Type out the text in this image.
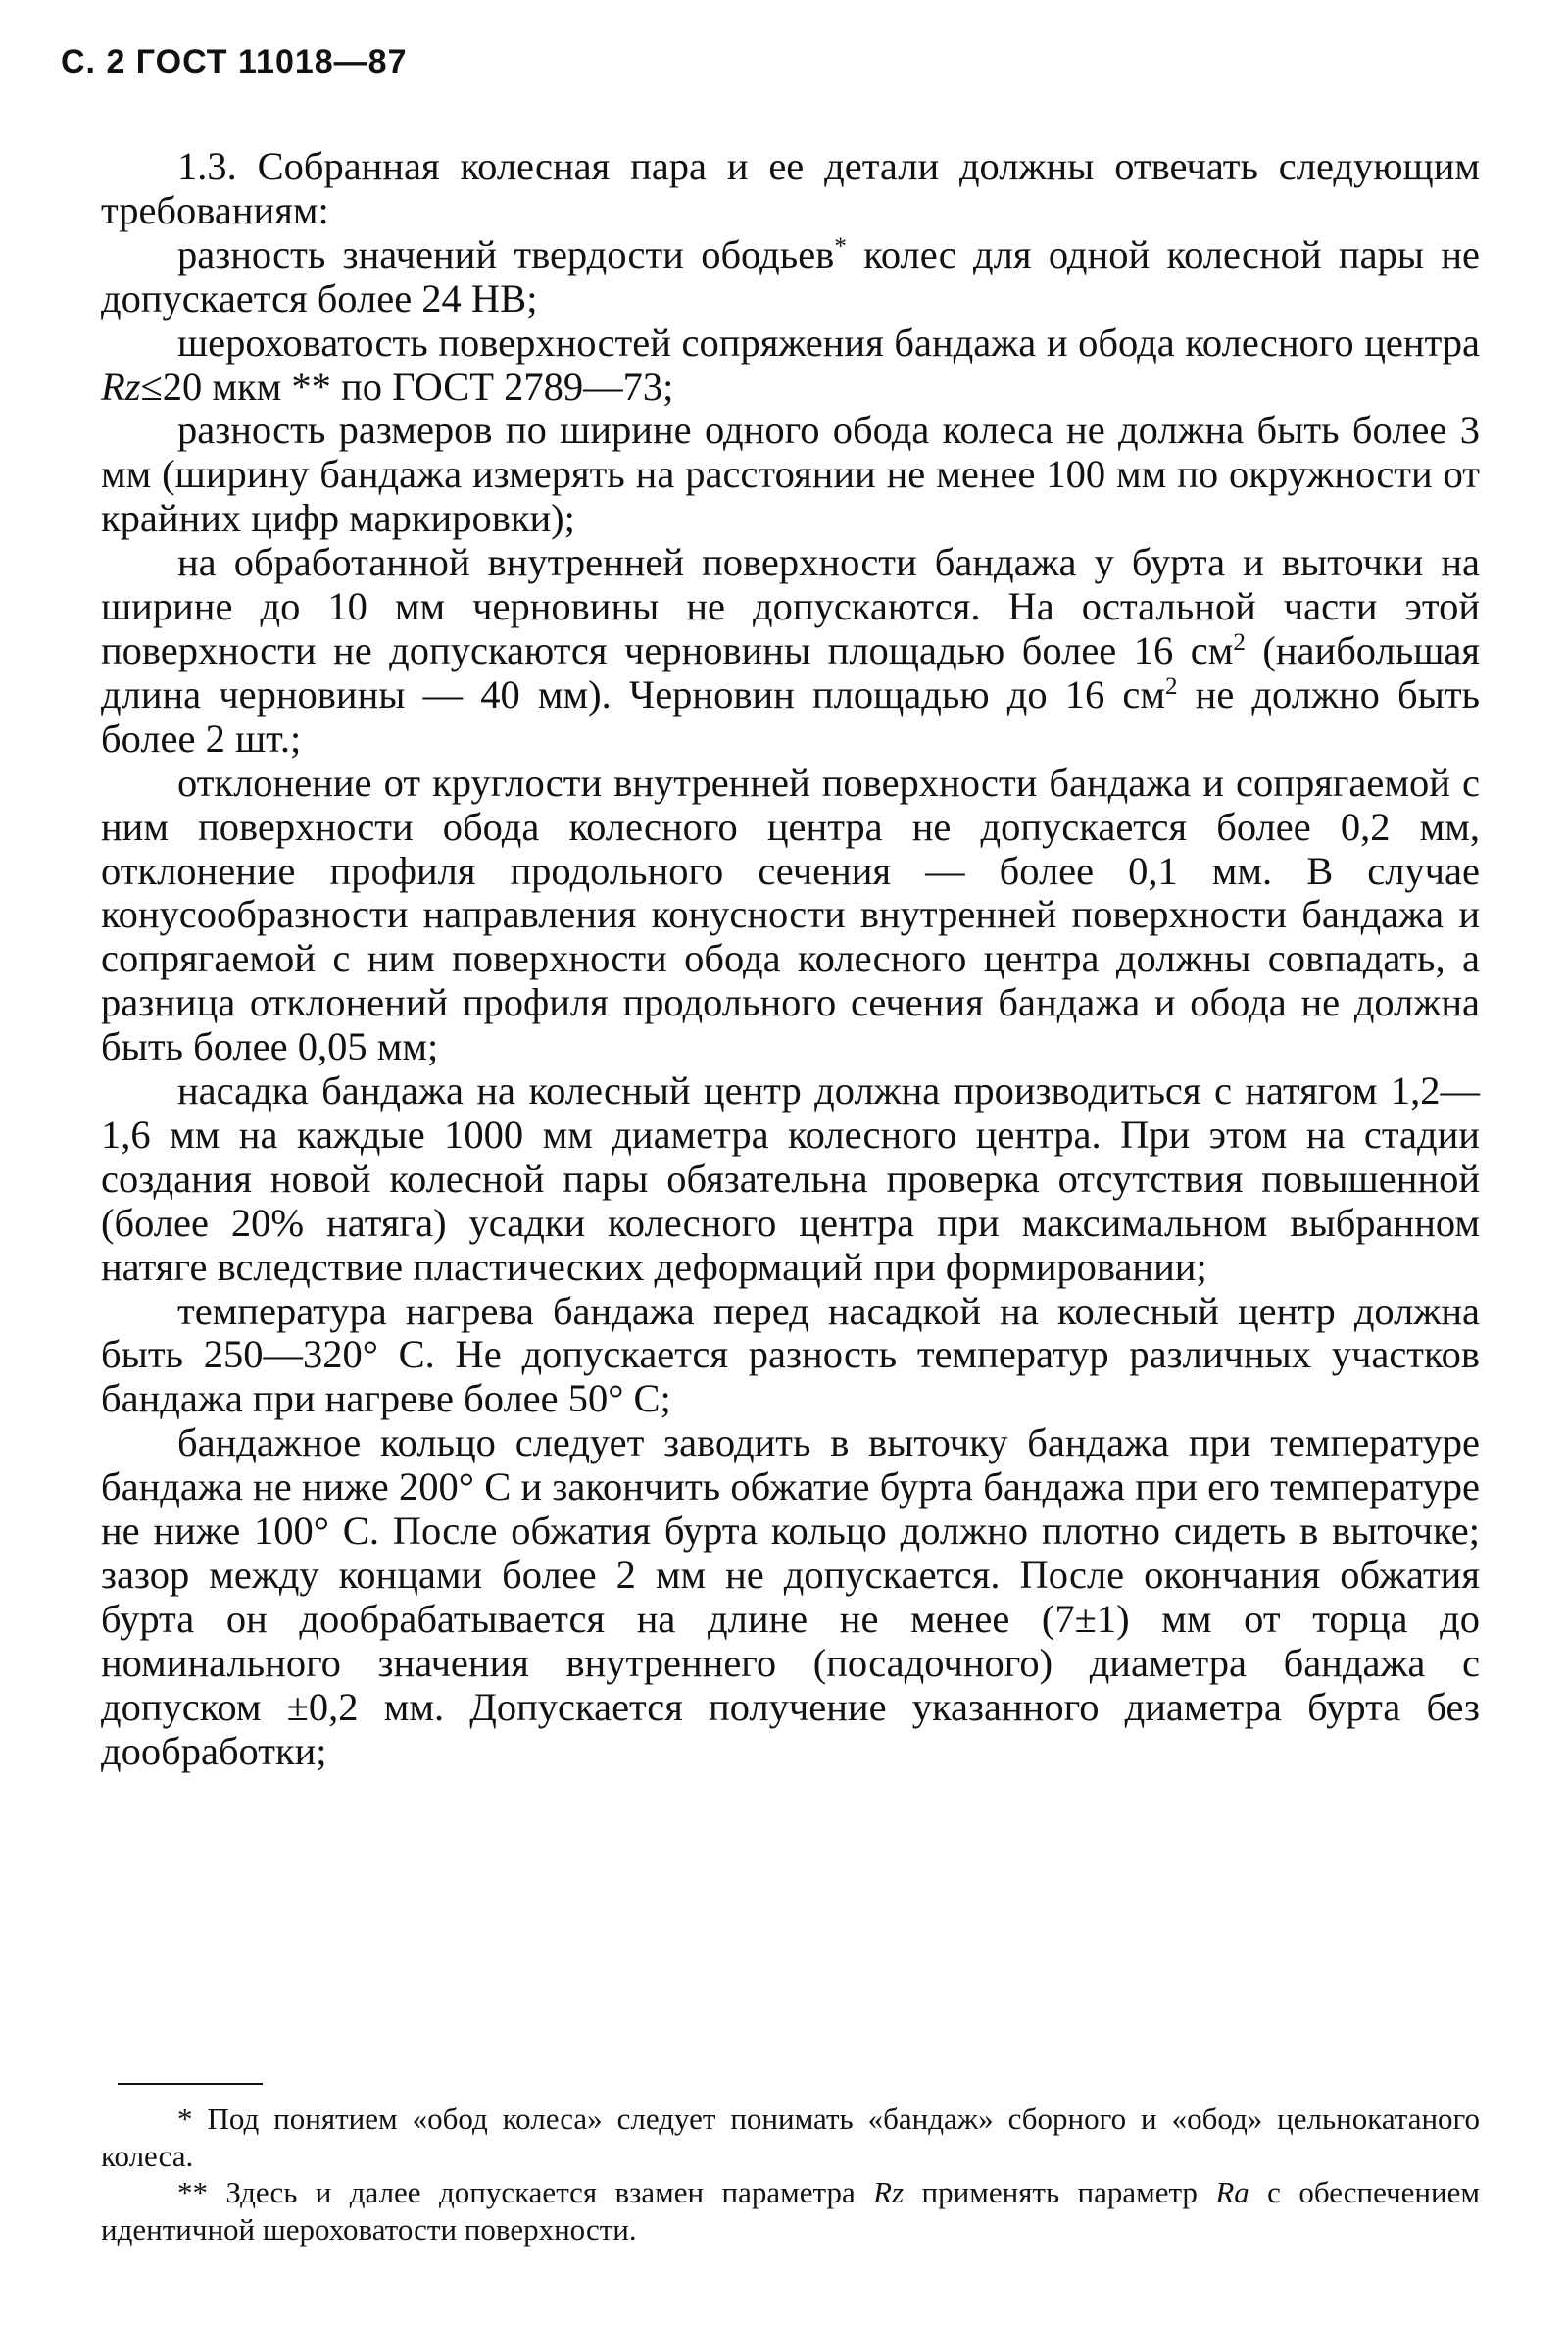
С. 2 ГОСТ 11018—87

1.3. Собранная колесная пара и ее детали должны отвечать следующим требованиям:

разность значений твердости ободьев* колес для одной колесной пары не допускается более 24 НВ;

шероховатость поверхностей сопряжения бандажа и обода колесного центра Rz≤20 мкм ** по ГОСТ 2789—73;

разность размеров по ширине одного обода колеса не должна быть более 3 мм (ширину бандажа измерять на расстоянии не менее 100 мм по окружности от крайних цифр маркировки);

на обработанной внутренней поверхности бандажа у бурта и выточки на ширине до 10 мм черновины не допускаются. На остальной части этой поверхности не допускаются черновины площадью более 16 $см^2$ (наибольшая длина черновины — 40 мм). Черновин площадью до 16 $см^2$ не должно быть более 2 шт.;

отклонение от круглости внутренней поверхности бандажа и сопрягаемой с ним поверхности обода колесного центра не допускается более 0,2 мм, отклонение профиля продольного сечения — более 0,1 мм. В случае конусообразности направления конусности внутренней поверхности бандажа и сопрягаемой с ним поверхности обода колесного центра должны совпадать, а разница отклонений профиля продольного сечения бандажа и обода не должна быть более 0,05 мм;

насадка бандажа на колесный центр должна производиться с натягом 1,2—1,6 мм на каждые 1000 мм диаметра колесного центра. При этом на стадии создания новой колесной пары обязательна проверка отсутствия повышенной (более 20% натяга) усадки колесного центра при максимальном выбранном натяге вследствие пластических деформаций при формировании;

температура нагрева бандажа перед насадкой на колесный центр должна быть 250—320° С. Не допускается разность температур различных участков бандажа при нагреве более 50° С;

бандажное кольцо следует заводить в выточку бандажа при температуре бандажа не ниже 200° С и закончить обжатие бурта бандажа при его температуре не ниже 100° С. После обжатия бурта кольцо должно плотно сидеть в выточке; зазор между концами более 2 мм не допускается. После окончания обжатия бурта он дообрабатывается на длине не менее (7±1) мм от торца до номинального значения внутреннего (посадочного) диаметра бандажа с допуском ±0,2 мм. Допускается получение указанного диаметра бурта без дообработки;

* Под понятием «обод колеса» следует понимать «бандаж» сборного и «обод» цельнокатаного колеса.

** Здесь и далее допускается взамен параметра Rz применять параметр Ra с обеспечением идентичной шероховатости поверхности.
